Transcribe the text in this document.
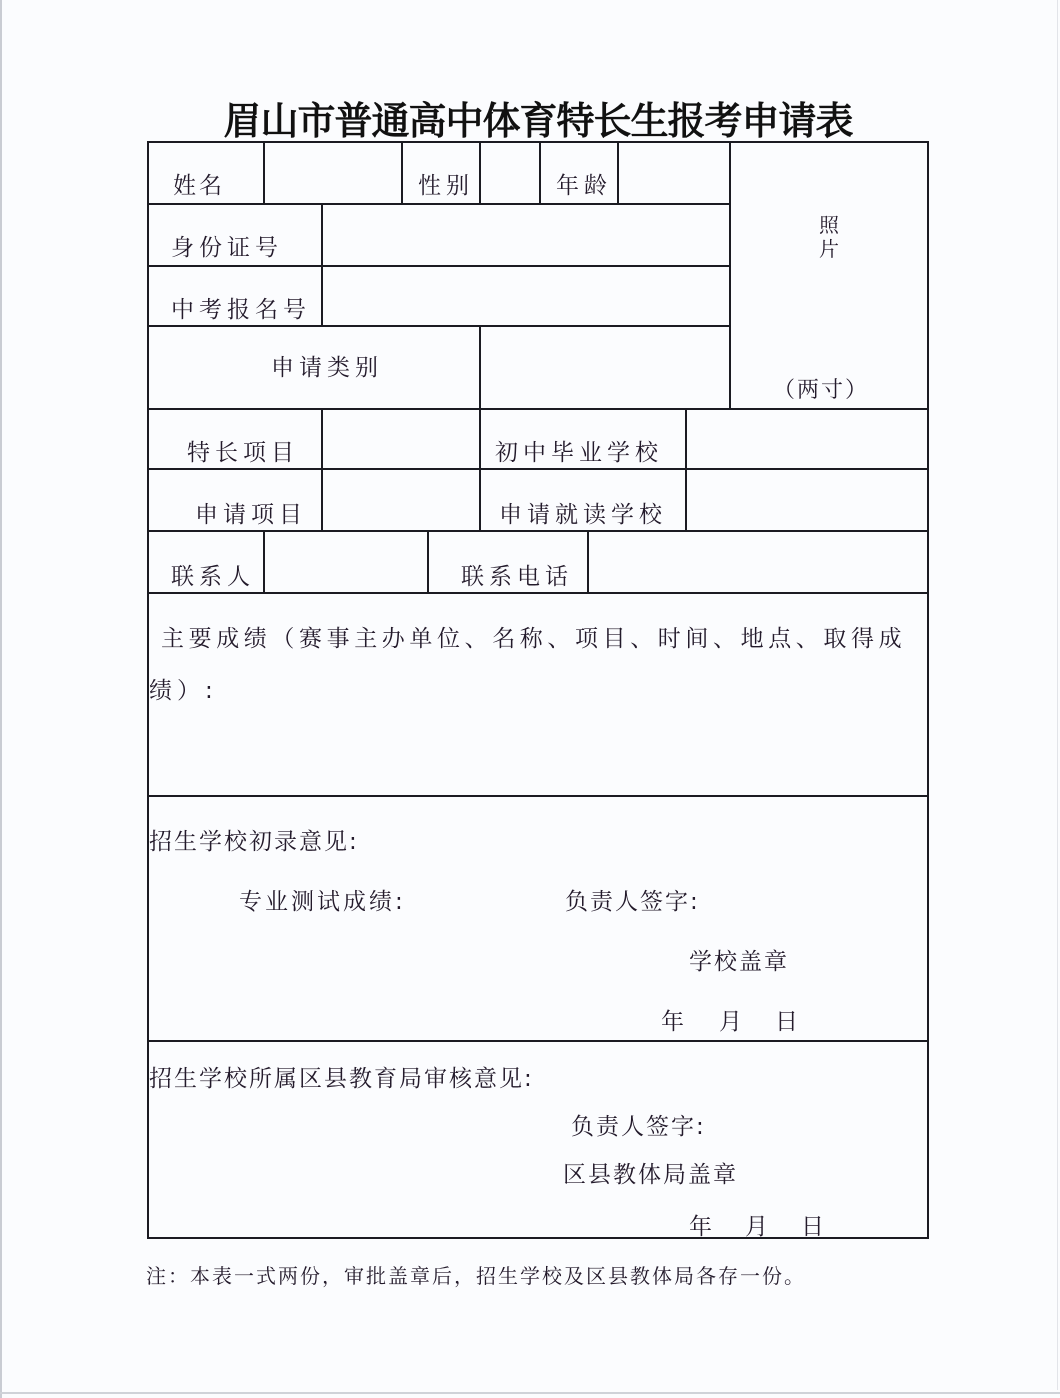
眉山市普通高中体育特长生报考申请表
姓名	性别	年龄
照
片
（两寸）
身份证号
中考报名号
申请类别
特长项目	初中毕业学校
申请项目	申请就读学校
联系人	联系电话
主要成绩（赛事主办单位、名称、项目、时间、地点、取得成
绩）:
招生学校初录意见:
专业测试成绩:	负责人签字:
学校盖章
年 月 日
招生学校所属区县教育局审核意见:
负责人签字:
区县教体局盖章
年 月 日
注：本表一式两份，审批盖章后，招生学校及区县教体局各存一份。
